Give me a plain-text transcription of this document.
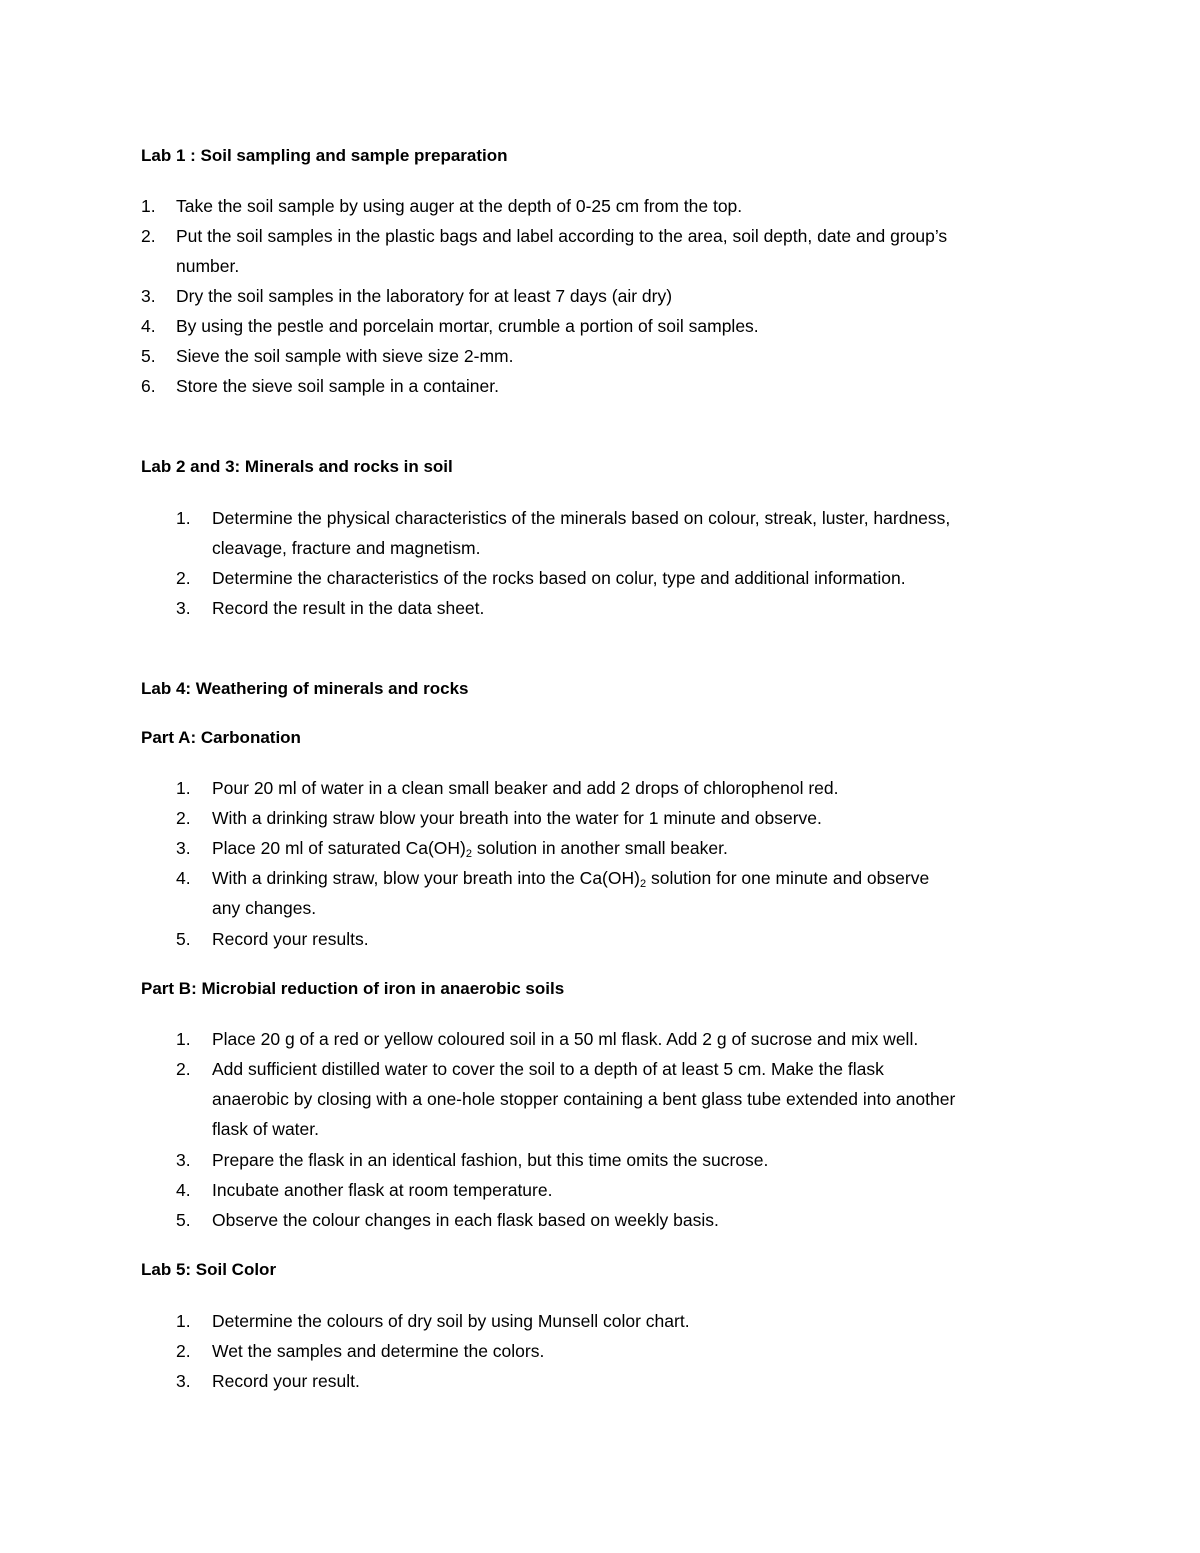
Lab 1 : Soil sampling and sample preparation
1. Take the soil sample by using auger at the depth of 0-25 cm from the top.
2. Put the soil samples in the plastic bags and label according to the area, soil depth, date and group’s
number.
3. Dry the soil samples in the laboratory for at least 7 days (air dry)
4. By using the pestle and porcelain mortar, crumble a portion of soil samples.
5. Sieve the soil sample with sieve size 2-mm.
6. Store the sieve soil sample in a container.
Lab 2 and 3: Minerals and rocks in soil
1. Determine the physical characteristics of the minerals based on colour, streak, luster, hardness,
cleavage, fracture and magnetism.
2. Determine the characteristics of the rocks based on colur, type and additional information.
3. Record the result in the data sheet.
Lab 4: Weathering of minerals and rocks
Part A: Carbonation
1. Pour 20 ml of water in a clean small beaker and add 2 drops of chlorophenol red.
2. With a drinking straw blow your breath into the water for 1 minute and observe.
3. Place 20 ml of saturated $Ca(OH)_2$ solution in another small beaker.
4. With a drinking straw, blow your breath into the $Ca(OH)_2$ solution for one minute and observe
any changes.
5. Record your results.
Part B: Microbial reduction of iron in anaerobic soils
1. Place 20 g of a red or yellow coloured soil in a 50 ml flask. Add 2 g of sucrose and mix well.
2. Add sufficient distilled water to cover the soil to a depth of at least 5 cm. Make the flask
anaerobic by closing with a one-hole stopper containing a bent glass tube extended into another
flask of water.
3. Prepare the flask in an identical fashion, but this time omits the sucrose.
4. Incubate another flask at room temperature.
5. Observe the colour changes in each flask based on weekly basis.
Lab 5: Soil Color
1. Determine the colours of dry soil by using Munsell color chart.
2. Wet the samples and determine the colors.
3. Record your result.
